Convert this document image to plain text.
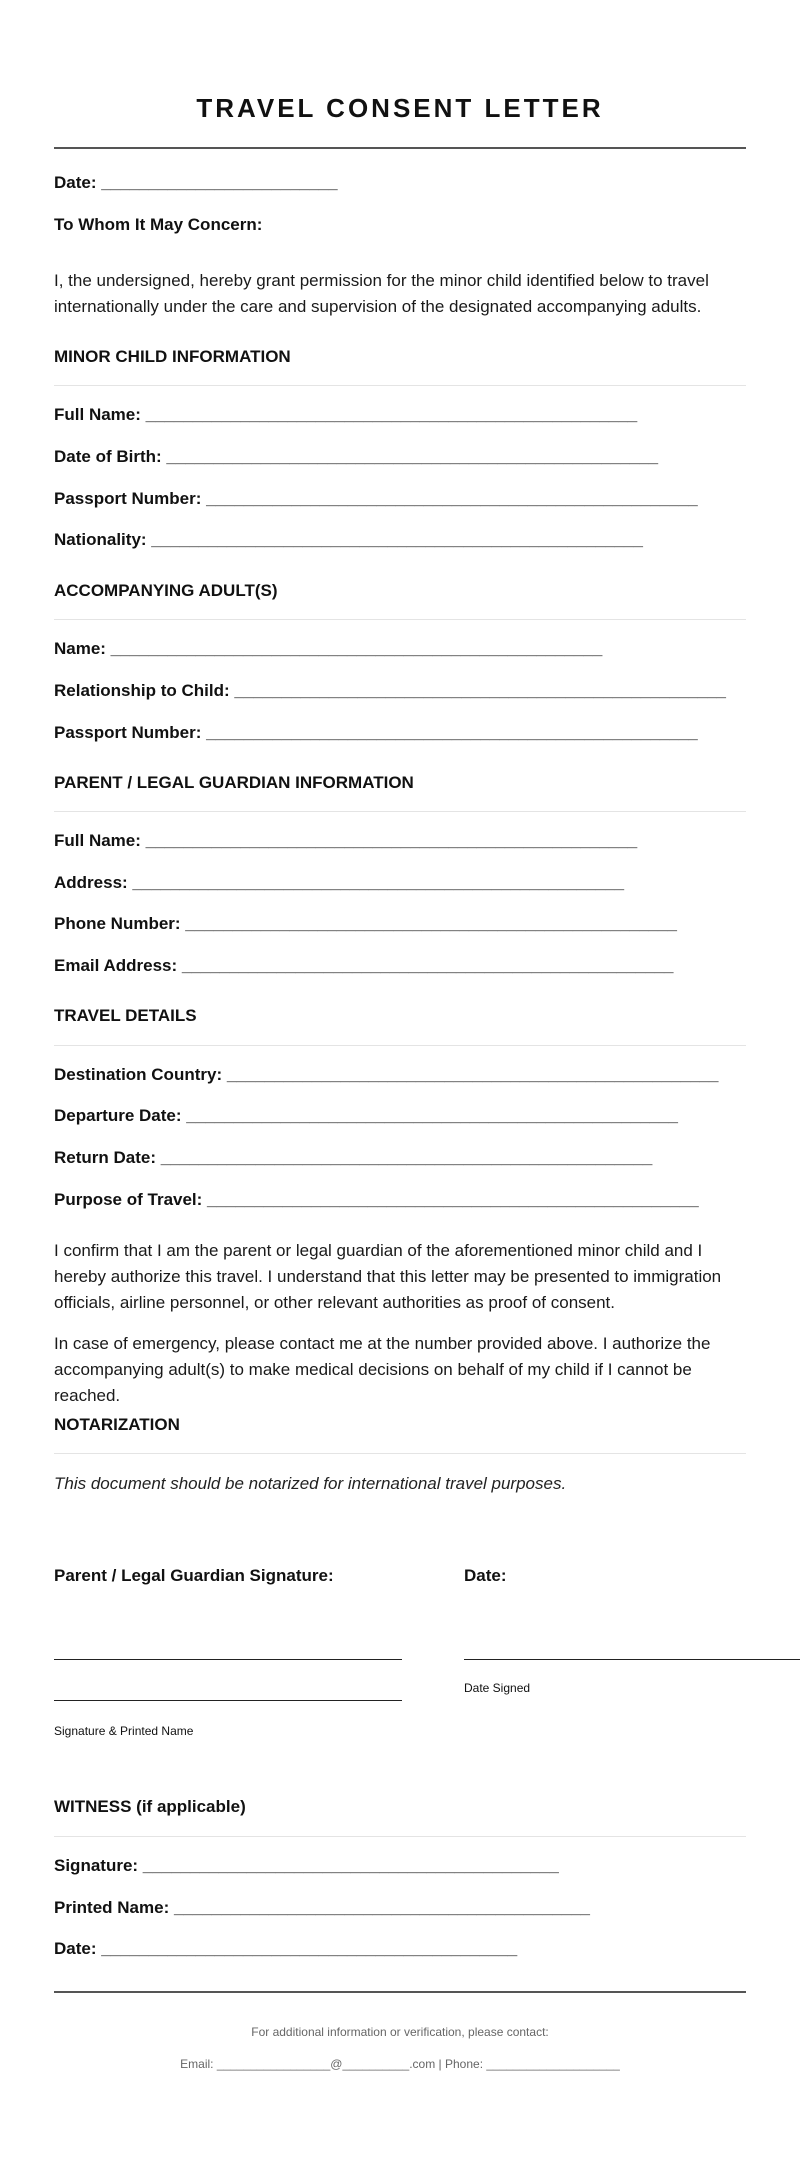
TRAVEL CONSENT LETTER
Date: _________________________
To Whom It May Concern:
I, the undersigned, hereby grant permission for the minor child identified below to travel internationally under the care and supervision of the designated accompanying adults.
MINOR CHILD INFORMATION
Full Name: ____________________________________________________
Date of Birth: ____________________________________________________
Passport Number: ____________________________________________________
Nationality: ____________________________________________________
ACCOMPANYING ADULT(S)
Name: ____________________________________________________
Relationship to Child: ____________________________________________________
Passport Number: ____________________________________________________
PARENT / LEGAL GUARDIAN INFORMATION
Full Name: ____________________________________________________
Address: ____________________________________________________
Phone Number: ____________________________________________________
Email Address: ____________________________________________________
TRAVEL DETAILS
Destination Country: ____________________________________________________
Departure Date: ____________________________________________________
Return Date: ____________________________________________________
Purpose of Travel: ____________________________________________________
I confirm that I am the parent or legal guardian of the aforementioned minor child and I hereby authorize this travel. I understand that this letter may be presented to immigration officials, airline personnel, or other relevant authorities as proof of consent.
In case of emergency, please contact me at the number provided above. I authorize the accompanying adult(s) to make medical decisions on behalf of my child if I cannot be reached.
NOTARIZATION
This document should be notarized for international travel purposes.
Parent / Legal Guardian Signature:	Date:
Date Signed
Signature & Printed Name
WITNESS (if applicable)
Signature: ____________________________________________
Printed Name: ____________________________________________
Date: ____________________________________________
For additional information or verification, please contact:
Email: _________________@__________.com | Phone: ____________________
